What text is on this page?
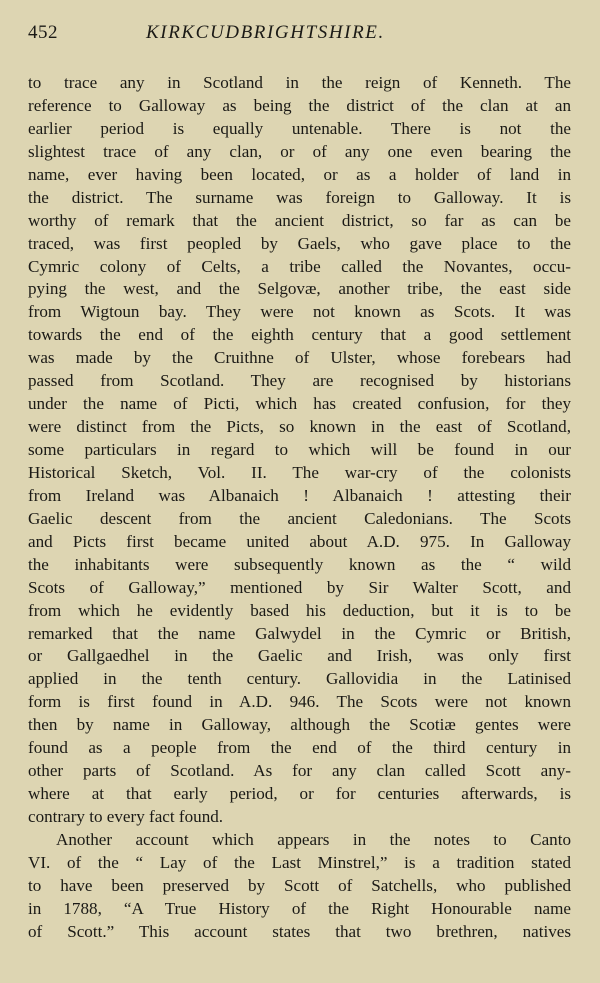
452	KIRKCUDBRIGHTSHIRE.
to trace any in Scotland in the reign of Kenneth. The
reference to Galloway as being the district of the clan at an
earlier period is equally untenable. There is not the
slightest trace of any clan, or of any one even bearing the
name, ever having been located, or as a holder of land in
the district. The surname was foreign to Galloway. It is
worthy of remark that the ancient district, so far as can be
traced, was first peopled by Gaels, who gave place to the
Cymric colony of Celts, a tribe called the Novantes, occu-
pying the west, and the Selgovæ, another tribe, the east side
from Wigtoun bay. They were not known as Scots. It was
towards the end of the eighth century that a good settlement
was made by the Cruithne of Ulster, whose forebears had
passed from Scotland. They are recognised by historians
under the name of Picti, which has created confusion, for they
were distinct from the Picts, so known in the east of Scotland,
some particulars in regard to which will be found in our
Historical Sketch, Vol. II. The war-cry of the colonists
from Ireland was Albanaich ! Albanaich ! attesting their
Gaelic descent from the ancient Caledonians. The Scots
and Picts first became united about A.D. 975. In Galloway
the inhabitants were subsequently known as the “ wild
Scots of Galloway,” mentioned by Sir Walter Scott, and
from which he evidently based his deduction, but it is to be
remarked that the name Galwydel in the Cymric or British,
or Gallgaedhel in the Gaelic and Irish, was only first
applied in the tenth century. Gallovidia in the Latinised
form is first found in A.D. 946. The Scots were not known
then by name in Galloway, although the Scotiæ gentes were
found as a people from the end of the third century in
other parts of Scotland. As for any clan called Scott any-
where at that early period, or for centuries afterwards, is
contrary to every fact found.
Another account which appears in the notes to Canto
VI. of the “ Lay of the Last Minstrel,” is a tradition stated
to have been preserved by Scott of Satchells, who published
in 1788, “A True History of the Right Honourable name
of Scott.” This account states that two brethren, natives
